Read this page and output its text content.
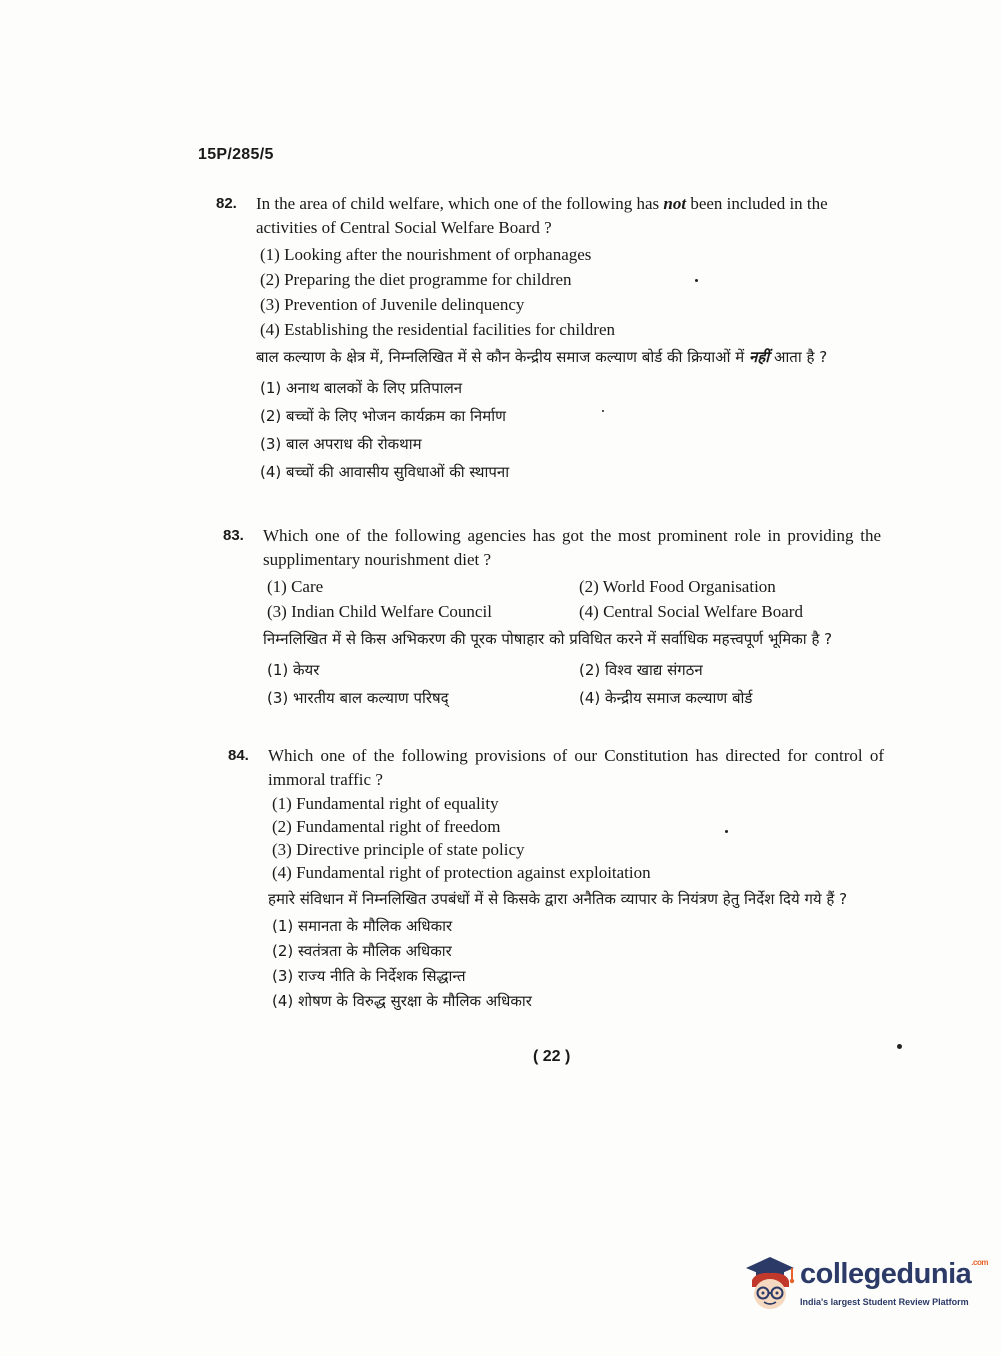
15P/285/5
82. In the area of child welfare, which one of the following has not been included in the activities of Central Social Welfare Board ?
(1) Looking after the nourishment of orphanages
(2) Preparing the diet programme for children
(3) Prevention of Juvenile delinquency
(4) Establishing the residential facilities for children
बाल कल्याण के क्षेत्र में, निम्नलिखित में से कौन केन्द्रीय समाज कल्याण बोर्ड की क्रियाओं में नहीं आता है ?
(1) अनाथ बालकों के लिए प्रतिपालन
(2) बच्चों के लिए भोजन कार्यक्रम का निर्माण
(3) बाल अपराध की रोकथाम
(4) बच्चों की आवासीय सुविधाओं की स्थापना
83. Which one of the following agencies has got the most prominent role in providing the supplimentary nourishment diet ?
(1) Care	(2) World Food Organisation
(3) Indian Child Welfare Council	(4) Central Social Welfare Board
निम्नलिखित में से किस अभिकरण की पूरक पोषाहार को प्रविधित करने में सर्वाधिक महत्त्वपूर्ण भूमिका है ?
(1) केयर	(2) विश्व खाद्य संगठन
(3) भारतीय बाल कल्याण परिषद्	(4) केन्द्रीय समाज कल्याण बोर्ड
84. Which one of the following provisions of our Constitution has directed for control of immoral traffic ?
(1) Fundamental right of equality
(2) Fundamental right of freedom
(3) Directive principle of state policy
(4) Fundamental right of protection against exploitation
हमारे संविधान में निम्नलिखित उपबंधों में से किसके द्वारा अनैतिक व्यापार के नियंत्रण हेतु निर्देश दिये गये हैं ?
(1) समानता के मौलिक अधिकार
(2) स्वतंत्रता के मौलिक अधिकार
(3) राज्य नीति के निर्देशक सिद्धान्त
(4) शोषण के विरुद्ध सुरक्षा के मौलिक अधिकार
( 22 )
collegedunia$^{.com}$
India's largest Student Review Platform
